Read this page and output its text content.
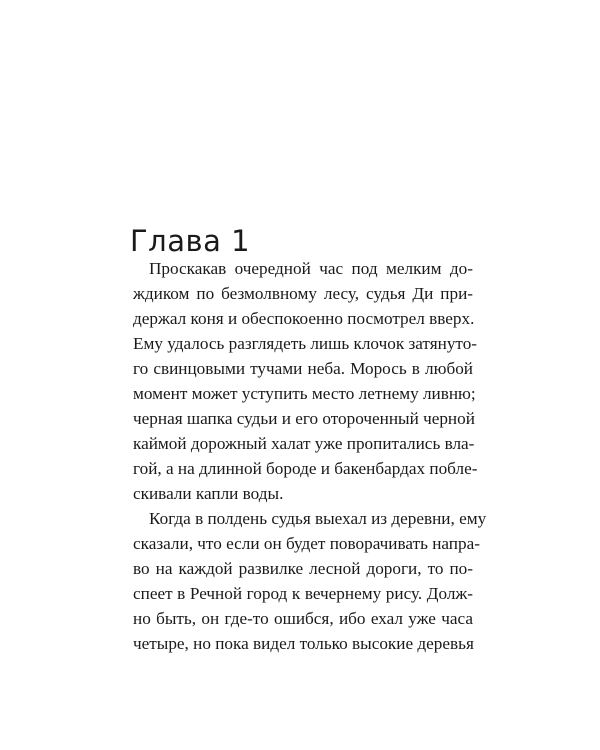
Глава 1
Проскакав очередной час под мелким до-
ждиком по безмолвному лесу, судья Ди при-
держал коня и обеспокоенно посмотрел вверх.
Ему удалось разглядеть лишь клочок затянуто-
го свинцовыми тучами неба. Морось в любой
момент может уступить место летнему ливню;
черная шапка судьи и его отороченный черной
каймой дорожный халат уже пропитались вла-
гой, а на длинной бороде и бакенбардах побле-
скивали капли воды.
Когда в полдень судья выехал из деревни, ему
сказали, что если он будет поворачивать напра-
во на каждой развилке лесной дороги, то по-
спеет в Речной город к вечернему рису. Долж-
но быть, он где-то ошибся, ибо ехал уже часа
четыре, но пока видел только высокие деревья
